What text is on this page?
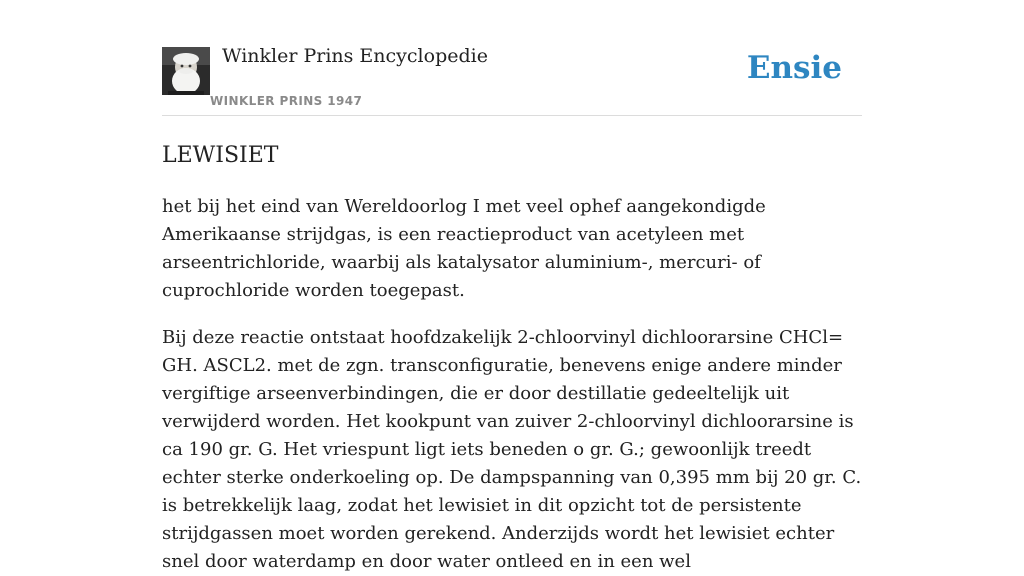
Winkler Prins Encyclopedie
WINKLER PRINS 1947
Ensie
LEWISIET

het bij het eind van Wereldoorlog I met veel ophef aangekondigde Amerikaanse strijdgas, is een reactieproduct van acetyleen met arseentrichloride, waarbij als katalysator aluminium-, mercuri- of cuprochloride worden toegepast.

Bij deze reactie ontstaat hoofdzakelijk 2-chloorvinyl dichloorarsine CHCl= GH. ASCL2. met de zgn. transconfiguratie, benevens enige andere minder vergiftige arseenverbindingen, die er door destillatie gedeeltelijk uit verwijderd worden. Het kookpunt van zuiver 2-chloorvinyl dichloorarsine is ca 190 gr. G. Het vriespunt ligt iets beneden o gr. G.; gewoonlijk treedt echter sterke onderkoeling op. De dampspanning van 0,395 mm bij 20 gr. C. is betrekkelijk laag, zodat het lewisiet in dit opzicht tot de persistente strijdgassen moet worden gerekend. Anderzijds wordt het lewisiet echter snel door waterdamp en door water ontleed en in een wel
